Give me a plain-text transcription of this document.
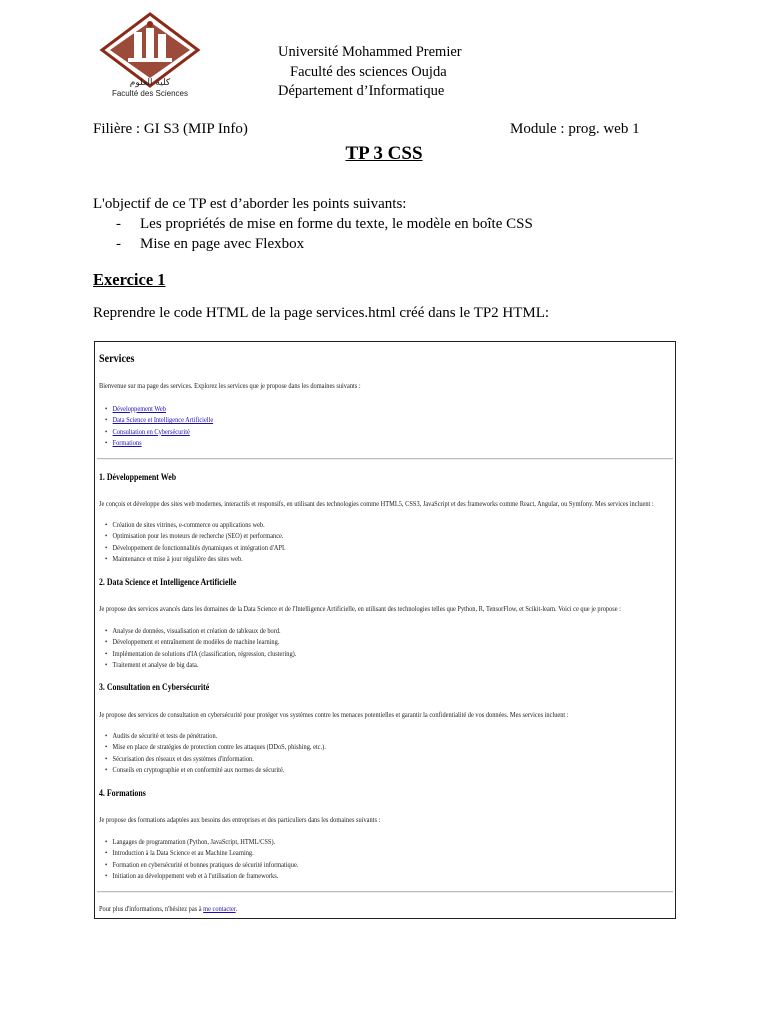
كلية العلوم
Faculté des Sciences
Université Mohammed Premier
Faculté des sciences Oujda
Département d’Informatique
Filière : GI S3 (MIP Info)	Module : prog. web 1
TP 3 CSS
L'objectif de ce TP est d’aborder les points suivants:
- Les propriétés de mise en forme du texte, le modèle en boîte CSS
- Mise en page avec Flexbox
Exercice 1
Reprendre le code HTML de la page services.html créé dans le TP2 HTML:
Services
Bienvenue sur ma page des services. Explorez les services que je propose dans les domaines suivants :
• Développement Web
• Data Science et Intelligence Artificielle
• Consultation en Cybersécurité
• Formations
1. Développement Web
Je conçois et développe des sites web modernes, interactifs et responsifs, en utilisant des technologies comme HTML5, CSS3, JavaScript et des frameworks comme React, Angular, ou Symfony. Mes services incluent :
• Création de sites vitrines, e-commerce ou applications web.
• Optimisation pour les moteurs de recherche (SEO) et performance.
• Développement de fonctionnalités dynamiques et intégration d'API.
• Maintenance et mise à jour régulière des sites web.
2. Data Science et Intelligence Artificielle
Je propose des services avancés dans les domaines de la Data Science et de l'Intelligence Artificielle, en utilisant des technologies telles que Python, R, TensorFlow, et Scikit-learn. Voici ce que je propose :
• Analyse de données, visualisation et création de tableaux de bord.
• Développement et entraînement de modèles de machine learning.
• Implémentation de solutions d'IA (classification, régression, clustering).
• Traitement et analyse de big data.
3. Consultation en Cybersécurité
Je propose des services de consultation en cybersécurité pour protéger vos systèmes contre les menaces potentielles et garantir la confidentialité de vos données. Mes services incluent :
• Audits de sécurité et tests de pénétration.
• Mise en place de stratégies de protection contre les attaques (DDoS, phishing, etc.).
• Sécurisation des réseaux et des systèmes d'information.
• Conseils en cryptographie et en conformité aux normes de sécurité.
4. Formations
Je propose des formations adaptées aux besoins des entreprises et des particuliers dans les domaines suivants :
• Langages de programmation (Python, JavaScript, HTML/CSS).
• Introduction à la Data Science et au Machine Learning.
• Formation en cybersécurité et bonnes pratiques de sécurité informatique.
• Initiation au développement web et à l'utilisation de frameworks.
Pour plus d'informations, n'hésitez pas à me contacter.
